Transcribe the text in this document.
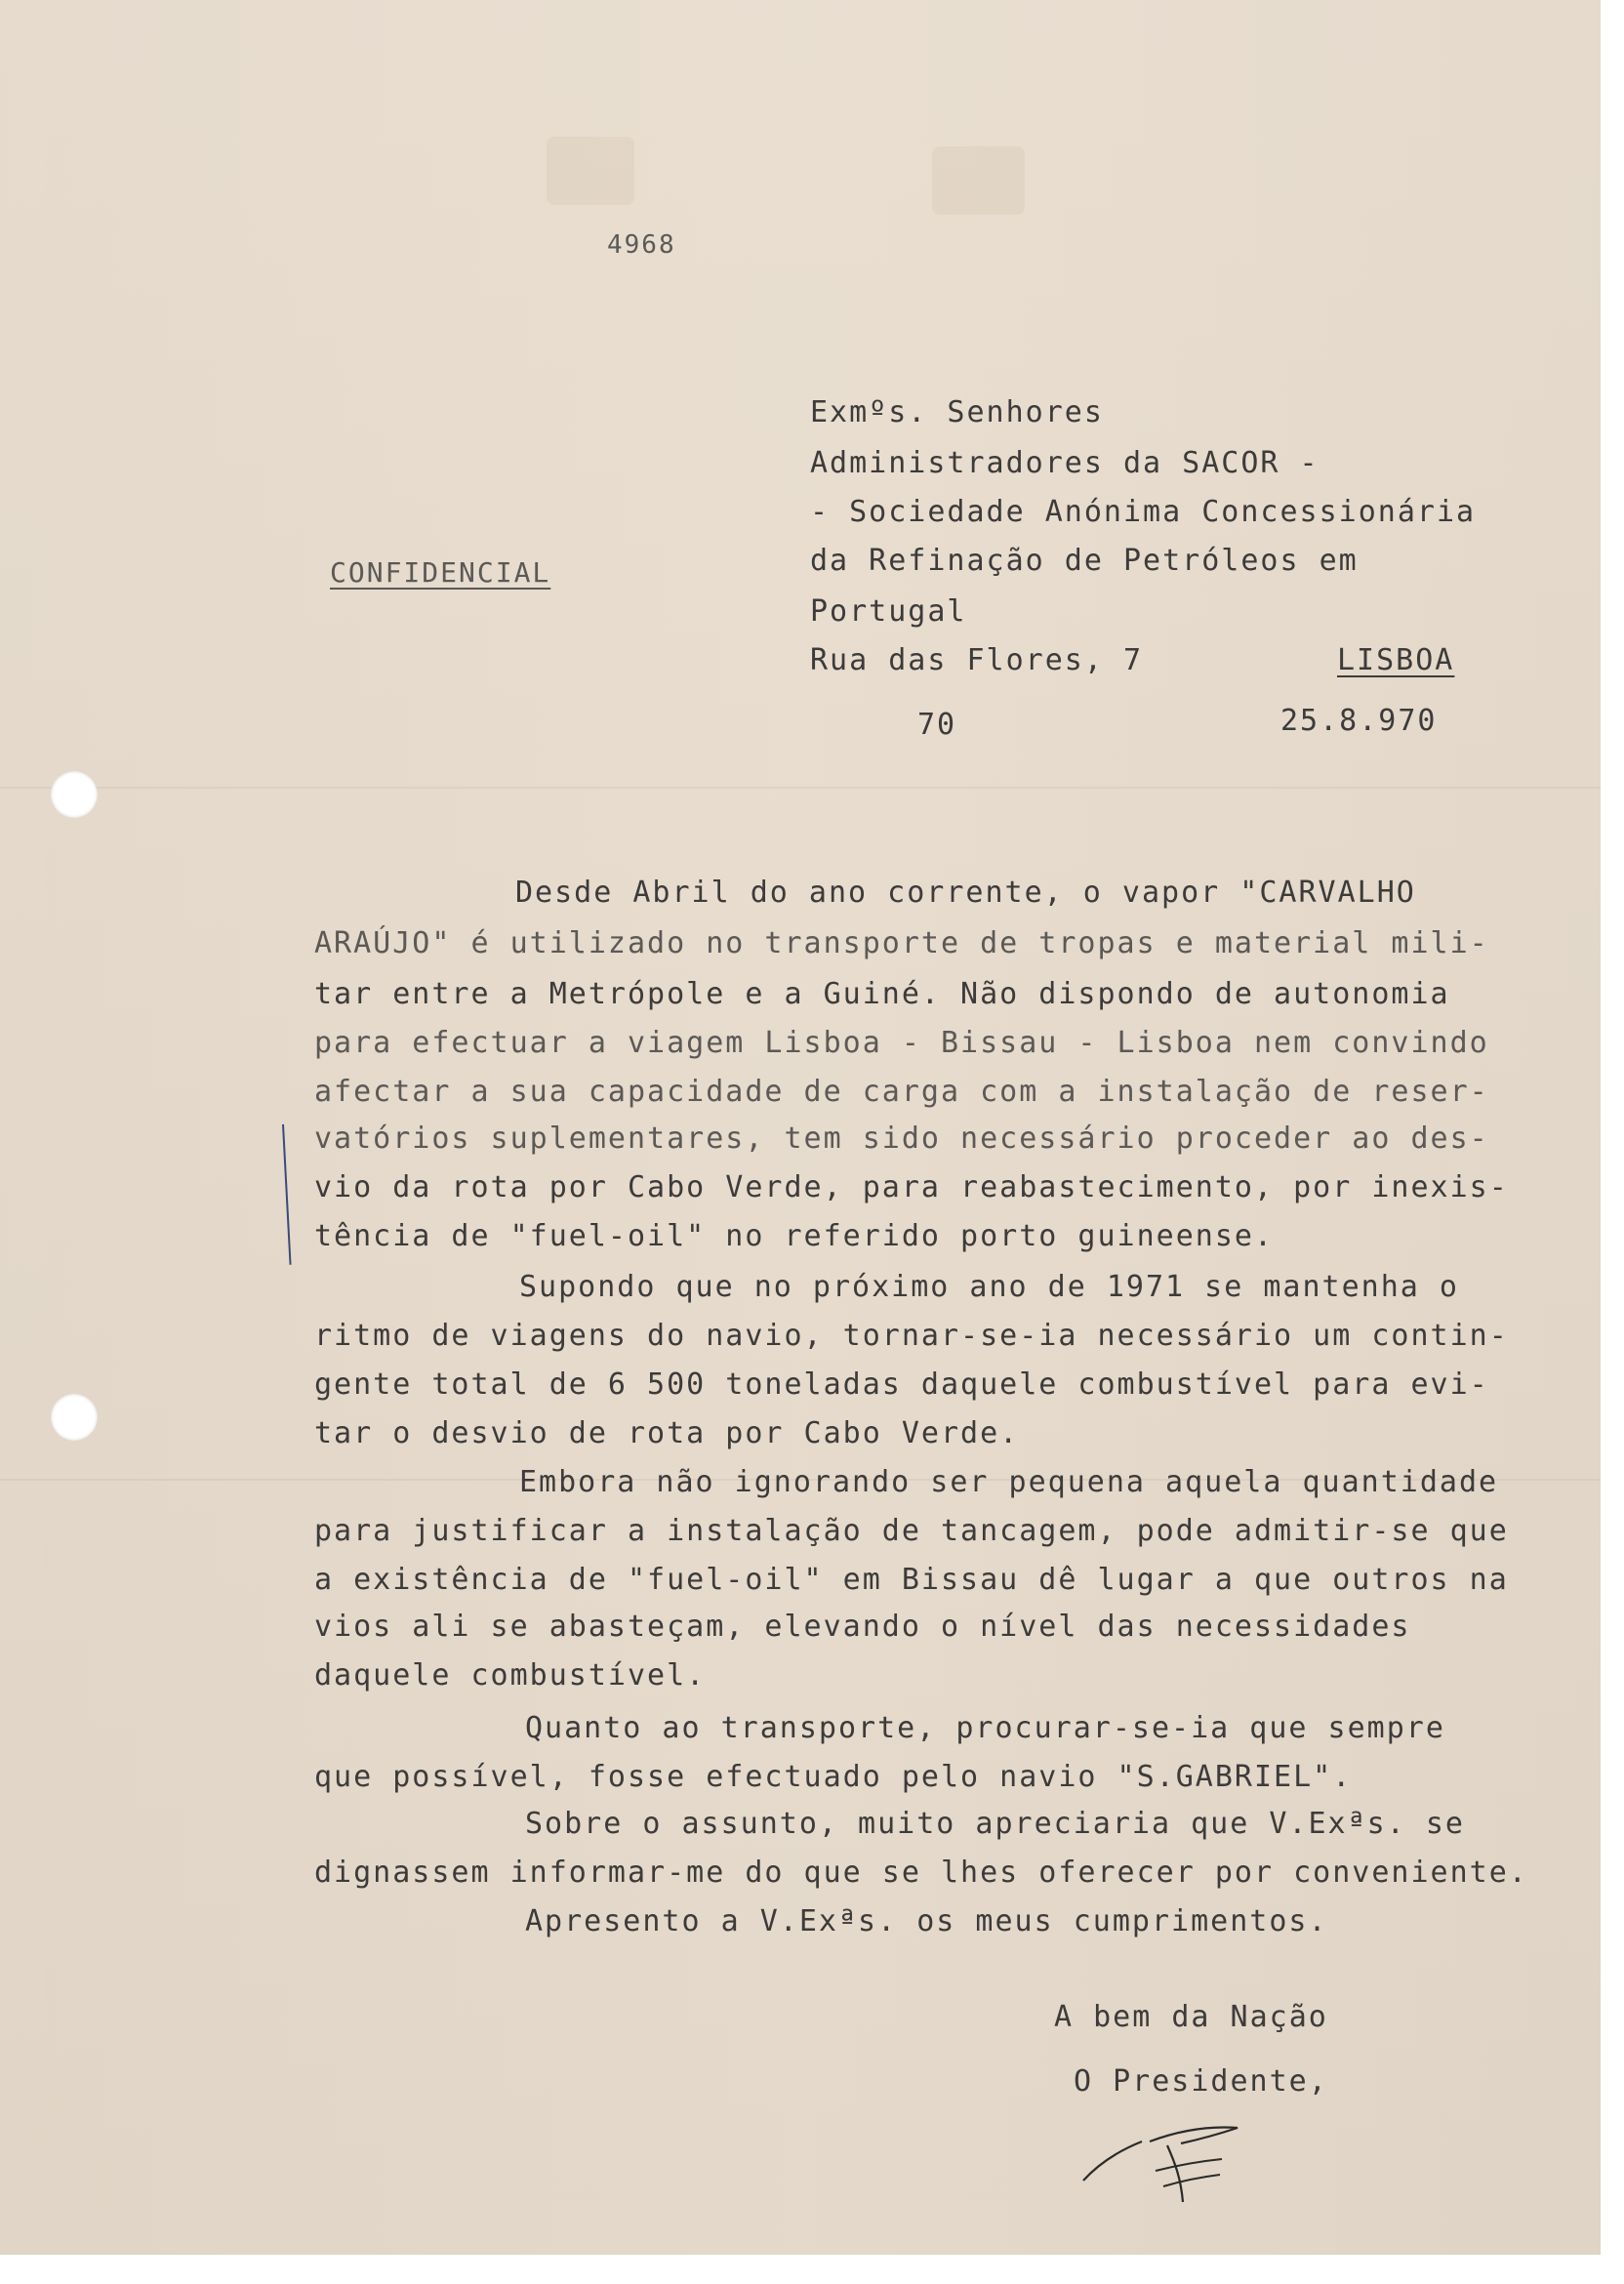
4968
CONFIDENCIAL
Exmºs. Senhores
Administradores da SACOR -
- Sociedade Anónima Concessionária
da Refinação de Petróleos em
Portugal
Rua das Flores, 7	LISBOA
70	25.8.970
Desde Abril do ano corrente, o vapor "CARVALHO
ARAÚJO" é utilizado no transporte de tropas e material mili-
tar entre a Metrópole e a Guiné. Não dispondo de autonomia
para efectuar a viagem Lisboa - Bissau - Lisboa nem convindo
afectar a sua capacidade de carga com a instalação de reser-
vatórios suplementares, tem sido necessário proceder ao des-
vio da rota por Cabo Verde, para reabastecimento, por inexis-
tência de "fuel-oil" no referido porto guineense.
Supondo que no próximo ano de 1971 se mantenha o
ritmo de viagens do navio, tornar-se-ia necessário um contin-
gente total de 6 500 toneladas daquele combustível para evi-
tar o desvio de rota por Cabo Verde.
Embora não ignorando ser pequena aquela quantidade
para justificar a instalação de tancagem, pode admitir-se que
a existência de "fuel-oil" em Bissau dê lugar a que outros na
vios ali se abasteçam, elevando o nível das necessidades
daquele combustível.
Quanto ao transporte, procurar-se-ia que sempre
que possível, fosse efectuado pelo navio "S.GABRIEL".
Sobre o assunto, muito apreciaria que V.Exªs. se
dignassem informar-me do que se lhes oferecer por conveniente.
Apresento a V.Exªs. os meus cumprimentos.
A bem da Nação
O Presidente,
